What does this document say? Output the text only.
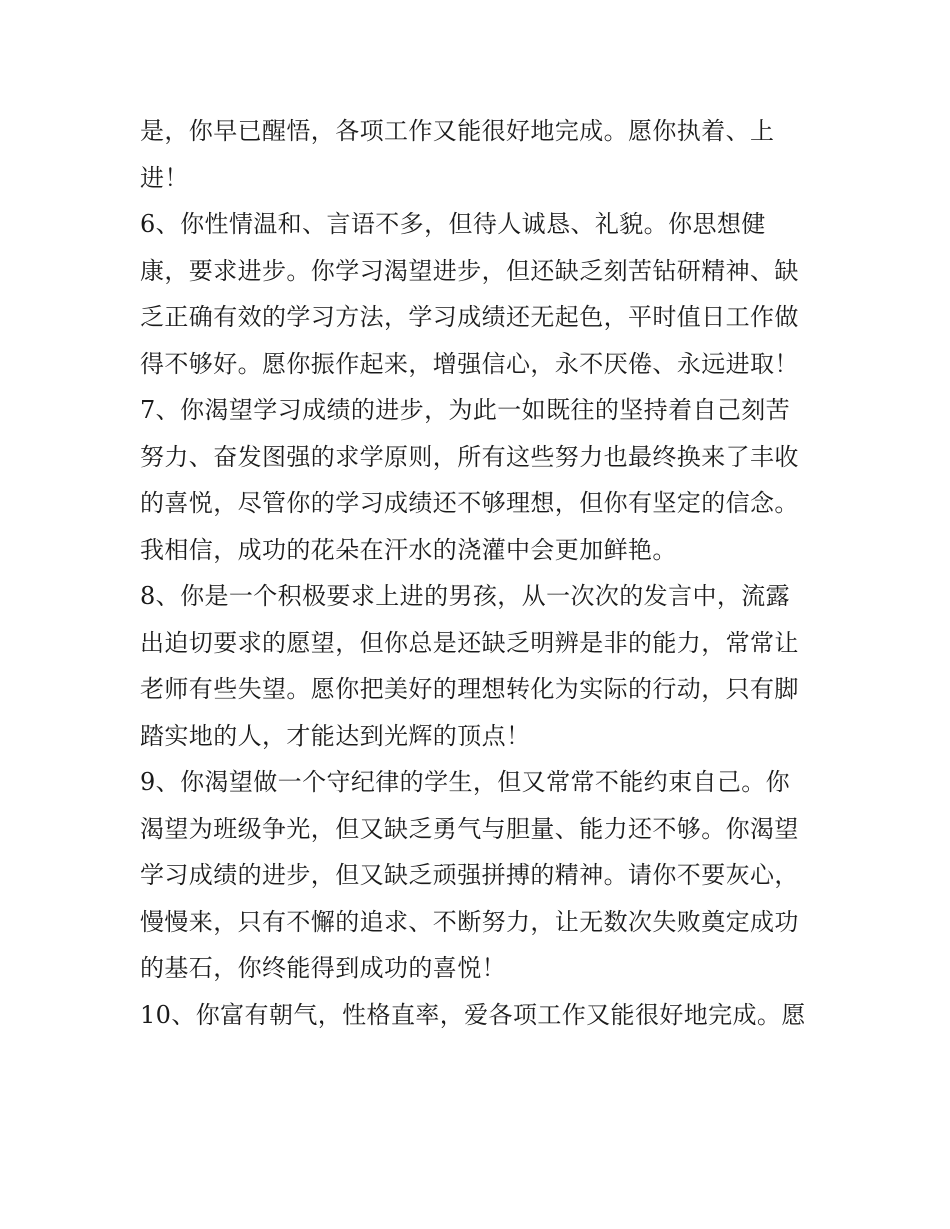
是，你早已醒悟，各项工作又能很好地完成。愿你执着、上
进！
6、你性情温和、言语不多，但待人诚恳、礼貌。你思想健
康，要求进步。你学习渴望进步，但还缺乏刻苦钻研精神、缺
乏正确有效的学习方法，学习成绩还无起色，平时值日工作做
得不够好。愿你振作起来，增强信心，永不厌倦、永远进取！
7、你渴望学习成绩的进步，为此一如既往的坚持着自己刻苦
努力、奋发图强的求学原则，所有这些努力也最终换来了丰收
的喜悦，尽管你的学习成绩还不够理想，但你有坚定的信念。
我相信，成功的花朵在汗水的浇灌中会更加鲜艳。
8、你是一个积极要求上进的男孩，从一次次的发言中，流露
出迫切要求的愿望，但你总是还缺乏明辨是非的能力，常常让
老师有些失望。愿你把美好的理想转化为实际的行动，只有脚
踏实地的人，才能达到光辉的顶点！
9、你渴望做一个守纪律的学生，但又常常不能约束自己。你
渴望为班级争光，但又缺乏勇气与胆量、能力还不够。你渴望
学习成绩的进步，但又缺乏顽强拼搏的精神。请你不要灰心，
慢慢来，只有不懈的追求、不断努力，让无数次失败奠定成功
的基石，你终能得到成功的喜悦！
10、你富有朝气，性格直率，爱各项工作又能很好地完成。愿
